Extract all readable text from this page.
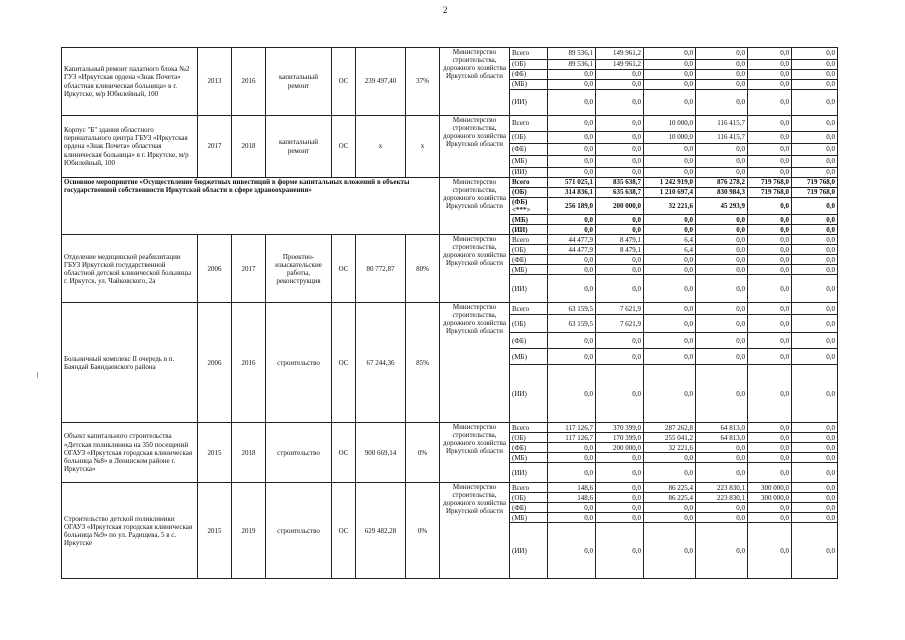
2
Капитальный ремонт палатного блока №2 ГУЗ «Иркутская ордена «Знак Почета» областная клиническая больница» в г. Иркутске, м/р Юбилейный, 100	2013	2016	капитальный ремонт	ОС	239 497,40	37%	Министерство строительства, дорожного хозяйства Иркутской области	Всего	89 536,1	149 961,2	0,0	0,0	0,0	0,0
								(ОБ)	89 536,1	149 961,2	0,0	0,0	0,0	0,0
								(ФБ)	0,0	0,0	0,0	0,0	0,0	0,0
								(МБ)	0,0	0,0	0,0	0,0	0,0	0,0
								(ИИ)	0,0	0,0	0,0	0,0	0,0	0,0
Корпус "Б" здания областного перинатального центра ГБУЗ «Иркутская ордена «Знак Почета» областная клиническая больница» в г. Иркутске, м/р Юбилейный, 100	2017	2018	капитальный ремонт	ОС	х	х	Министерство строительства, дорожного хозяйства Иркутской области	Всего	0,0	0,0	10 000,0	116 415,7	0,0	0,0
								(ОБ)	0,0	0,0	10 000,0	116 415,7	0,0	0,0
								(ФБ)	0,0	0,0	0,0	0,0	0,0	0,0
								(МБ)	0,0	0,0	0,0	0,0	0,0	0,0
								(ИИ)	0,0	0,0	0,0	0,0	0,0	0,0
Основное мероприятие «Осуществление бюджетных инвестиций в форме капитальных вложений в объекты государственной собственности Иркутской области в сфере здравоохранения»							Министерство строительства, дорожного хозяйства Иркутской области	Всего	571 025,1	835 638,7	1 242 919,0	876 278,2	719 768,0	719 768,0
								(ОБ)	314 836,1	635 638,7	1 210 697,4	830 984,3	719 768,0	719 768,0
								(ФБ) <***>	256 189,0	200 000,0	32 221,6	45 293,9	0,0	0,0
								(МБ)	0,0	0,0	0,0	0,0	0,0	0,0
								(ИИ)	0,0	0,0	0,0	0,0	0,0	0,0
Отделение медицинской реабилитации ГБУЗ Иркутской государственной областной детской клинической больницы г. Иркутск, ул. Чайковского, 2а	2006	2017	Проектно-изыскательские работы, реконструкция	ОС	80 772,87	80%	Министерство строительства, дорожного хозяйства Иркутской области	Всего	44 477,9	8 479,1	6,4	0,0	0,0	0,0
								(ОБ)	44 477,9	8 479,1	6,4	0,0	0,0	0,0
								(ФБ)	0,0	0,0	0,0	0,0	0,0	0,0
								(МБ)	0,0	0,0	0,0	0,0	0,0	0,0
								(ИИ)	0,0	0,0	0,0	0,0	0,0	0,0
Больничный комплекс II очередь в п. Баяндай Баяндаевского района	2006	2016	строительство	ОС	67 244,36	85%	Министерство строительства, дорожного хозяйства Иркутской области	Всего	63 159,5	7 621,9	0,0	0,0	0,0	0,0
								(ОБ)	63 159,5	7 621,9	0,0	0,0	0,0	0,0
								(ФБ)	0,0	0,0	0,0	0,0	0,0	0,0
								(МБ)	0,0	0,0	0,0	0,0	0,0	0,0
								(ИИ)	0,0	0,0	0,0	0,0	0,0	0,0
Объект капитального строительства «Детская поликлиника на 350 посещений ОГАУЗ «Иркутская городская клиническая больница №8» в Ленинском районе г. Иркутска»	2015	2018	строительство	ОС	900 669,14	0%	Министерство строительства, дорожного хозяйства Иркутской области	Всего	117 126,7	370 399,0	287 262,8	64 813,0	0,0	0,0
								(ОБ)	117 126,7	170 399,0	255 041,2	64 813,0	0,0	0,0
								(ФБ)	0,0	200 000,0	32 221,6	0,0	0,0	0,0
								(МБ)	0,0	0,0	0,0	0,0	0,0	0,0
								(ИИ)	0,0	0,0	0,0	0,0	0,0	0,0
Строительство детской поликлиники ОГАУЗ «Иркутская городская клиническая больница №9» по ул. Радищева, 5 в с. Иркутске	2015	2019	строительство	ОС	629 482,28	0%	Министерство строительства, дорожного хозяйства Иркутской области	Всего	148,6	0,0	86 225,4	223 830,1	300 000,0	0,0
								(ОБ)	148,6	0,0	86 225,4	223 830,1	300 000,0	0,0
								(ФБ)	0,0	0,0	0,0	0,0	0,0	0,0
								(МБ)	0,0	0,0	0,0	0,0	0,0	0,0
								(ИИ)	0,0	0,0	0,0	0,0	0,0	0,0
